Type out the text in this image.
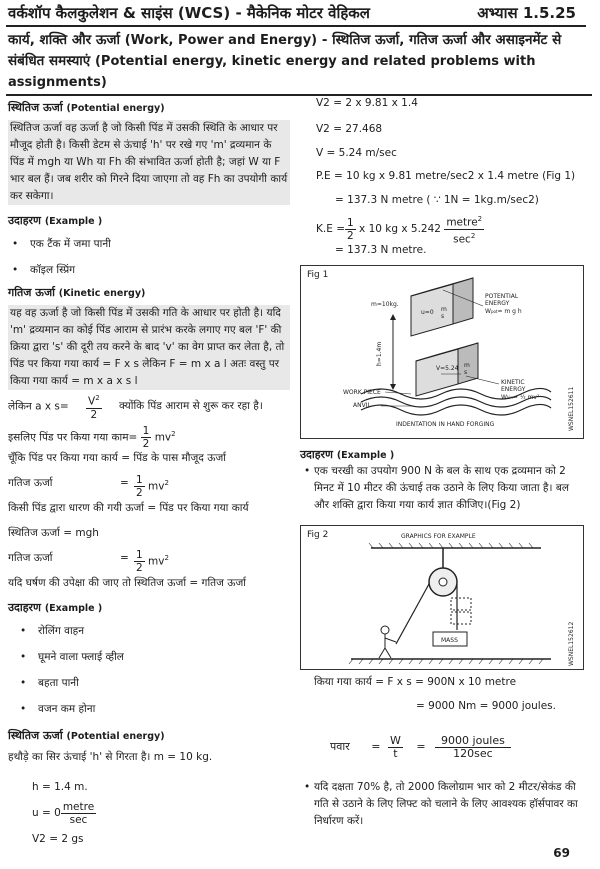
वर्कशॉप कैलकुलेशन & साइंस (WCS) - मैकेनिक मोटर वेहिकल	अभ्यास 1.5.25
कार्य, शक्ति और ऊर्जा (Work, Power and Energy) - स्थितिज ऊर्जा, गतिज ऊर्जा और असाइनमेंट से संबंधित समस्याएं (Potential energy, kinetic energy and related problems with assignments)
स्थितिज ऊर्जा (Potential energy)

स्थितिज ऊर्जा वह ऊर्जा है जो किसी पिंड में उसकी स्थिति के आधार पर मौजूद होती है। किसी डेटम से ऊंचाई 'h' पर रखे गए 'm' द्रव्यमान के पिंड में mgh या Wh या Fh की संभावित ऊर्जा होती है; जहां W या F भार बल हैं। जब शरीर को गिरने दिया जाएगा तो वह Fh का उपयोगी कार्य कर सकेगा।

उदाहरण (Example )
• एक टैंक में जमा पानी
• कॉइल स्प्रिंग
गतिज ऊर्जा (Kinetic energy)

यह वह ऊर्जा है जो किसी पिंड में उसकी गति के आधार पर होती है। यदि 'm' द्रव्यमान का कोई पिंड आराम से प्रारंभ करके लगाए गए बल 'F' की क्रिया द्वारा 's' की दूरी तय करने के बाद 'v' का वेग प्राप्त कर लेता है, तो पिंड पर किया गया कार्य = F x s लेकिन F = m x a l अतः वस्तु पर किया गया कार्य = m x a x s l

लेकिन a x $s= \frac{V^2}{2}$ क्योंकि पिंड आराम से शुरू कर रहा है।
इसलिए पिंड पर किया गया काम= $\frac{1}{2} mv^2$
चूँकि पिंड पर किया गया कार्य = पिंड के पास मौजूद ऊर्जा
गतिज ऊर्जा	= $\frac{1}{2} mv^2$
किसी पिंड द्वारा धारण की गयी ऊर्जा = पिंड पर किया गया कार्य
स्थितिज ऊर्जा = mgh
गतिज ऊर्जा	= $\frac{1}{2} mv^2$
यदि घर्षण की उपेक्षा की जाए तो स्थितिज ऊर्जा = गतिज ऊर्जा
उदाहरण (Example )
• रोलिंग वाहन
• घूमने वाला फ्लाई व्हील
• बहता पानी
• वजन कम होना
स्थितिज ऊर्जा (Potential energy)
हथौड़े का सिर ऊंचाई 'h' से गिरता है। m = 10 kg.
h = 1.4 m.
$u = 0 \frac{\text{metre}}{\sec}$
V2 = 2 gs
V2 = 2 x 9.81 x 1.4
V2 = 27.468
V = 5.24 m/sec
P.E = 10 kg x 9.81 metre/sec2 x 1.4 metre (Fig 1)
= 137.3 N metre ( ∵ 1N = 1kg.m/sec2)
$K.E = \frac{1}{2}$ x 10 kg x $5.242 \frac{metre^2}{\sec^2}$
= 137.3 N metre.
Fig 1
m=10kg.
u=0 m
s
POTENTIAL
ENERGY
Wpot= m g h
h=1.4m
WORK PIECE
ANVIL
V=5.24 m
s
KINETIC
ENERGY
Wkin= ½ mv²
INDENTATION IN HAND FORGING	WSNEL152611
उदाहरण (Example )
• एक चरखी का उपयोग 900 N के बल के साथ एक द्रव्यमान को 2 मिनट में 10 मीटर की ऊंचाई तक उठाने के लिए किया जाता है। बल और शक्ति द्वारा किया गया कार्य ज्ञात कीजिए।(Fig 2)
Fig 2	GRAPHICS FOR EXAMPLE
MASS	WSNEL152612
किया गया कार्य = F x s = 900N x 10 metre
= 9000 Nm = 9000 joules.
पवार = $\frac{W}{t} = \frac{\text{9000 joules}}{120\sec}$
• यदि दक्षता 70% है, तो 2000 किलोग्राम भार को 2 मीटर/सेकंड की गति से उठाने के लिए लिफ्ट को चलाने के लिए आवश्यक हॉर्सपावर का निर्धारण करें।
69
